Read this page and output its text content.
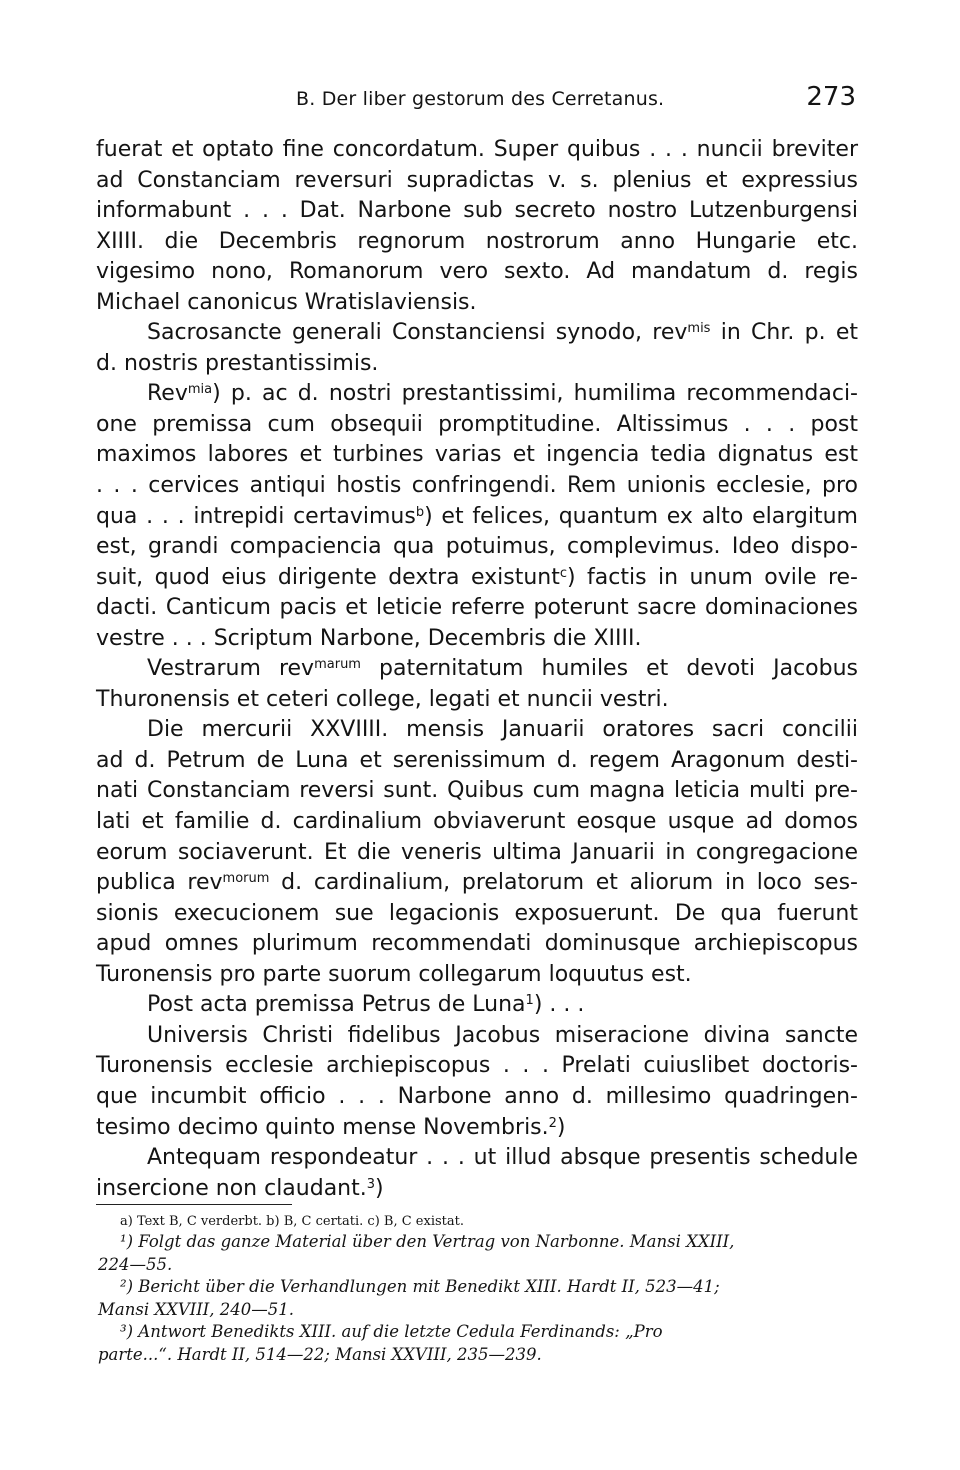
B. Der liber gestorum des Cerretanus.	273
fuerat et optato fine concordatum. Super quibus . . . nuncii breviter
ad Constanciam reversuri supradictas v. s. plenius et expressius
informabunt . . . Dat. Narbone sub secreto nostro Lutzenburgensi
XIIII. die Decembris regnorum nostrorum anno Hungarie etc.
vigesimo nono, Romanorum vero sexto. Ad mandatum d. regis
Michael canonicus Wratislaviensis.
Sacrosancte generali Constanciensi synodo, rev$^{mis}$ in Chr. p. et
d. nostris prestantissimis.
Rev$^{mia}$) p. ac d. nostri prestantissimi, humilima recommendaci-
one premissa cum obsequii promptitudine. Altissimus . . . post
maximos labores et turbines varias et ingencia tedia dignatus est
. . . cervices antiqui hostis confringendi. Rem unionis ecclesie, pro
qua . . . intrepidi certavimus$^b$) et felices, quantum ex alto elargitum
est, grandi compaciencia qua potuimus, complevimus. Ideo dispo-
suit, quod eius dirigente dextra existunt$^c$) factis in unum ovile re-
dacti. Canticum pacis et leticie referre poterunt sacre dominaciones
vestre . . . Scriptum Narbone, Decembris die XIIII.
Vestrarum rev$^{marum}$ paternitatum humiles et devoti Jacobus
Thuronensis et ceteri college, legati et nuncii vestri.
Die mercurii XXVIIII. mensis Januarii oratores sacri concilii
ad d. Petrum de Luna et serenissimum d. regem Aragonum desti-
nati Constanciam reversi sunt. Quibus cum magna leticia multi pre-
lati et familie d. cardinalium obviaverunt eosque usque ad domos
eorum sociaverunt. Et die veneris ultima Januarii in congregacione
publica rev$^{morum}$ d. cardinalium, prelatorum et aliorum in loco ses-
sionis execucionem sue legacionis exposuerunt. De qua fuerunt
apud omnes plurimum recommendati dominusque archiepiscopus
Turonensis pro parte suorum collegarum loquutus est.
Post acta premissa Petrus de Luna$^1$) . . .
Universis Christi fidelibus Jacobus miseracione divina sancte
Turonensis ecclesie archiepiscopus . . . Prelati cuiuslibet doctoris-
que incumbit officio . . . Narbone anno d. millesimo quadringen-
tesimo decimo quinto mense Novembris.$^2$)
Antequam respondeatur . . . ut illud absque presentis schedule
insercione non claudant.$^3$)
a) Text B, C verderbt. b) B, C certati. c) B, C existat.
¹) Folgt das ganze Material über den Vertrag von Narbonne. Mansi XXIII,
224—55.
²) Bericht über die Verhandlungen mit Benedikt XIII. Hardt II, 523—41;
Mansi XXVIII, 240—51.
³) Antwort Benedikts XIII. auf die letzte Cedula Ferdinands: „Pro
parte...“. Hardt II, 514—22; Mansi XXVIII, 235—239.
